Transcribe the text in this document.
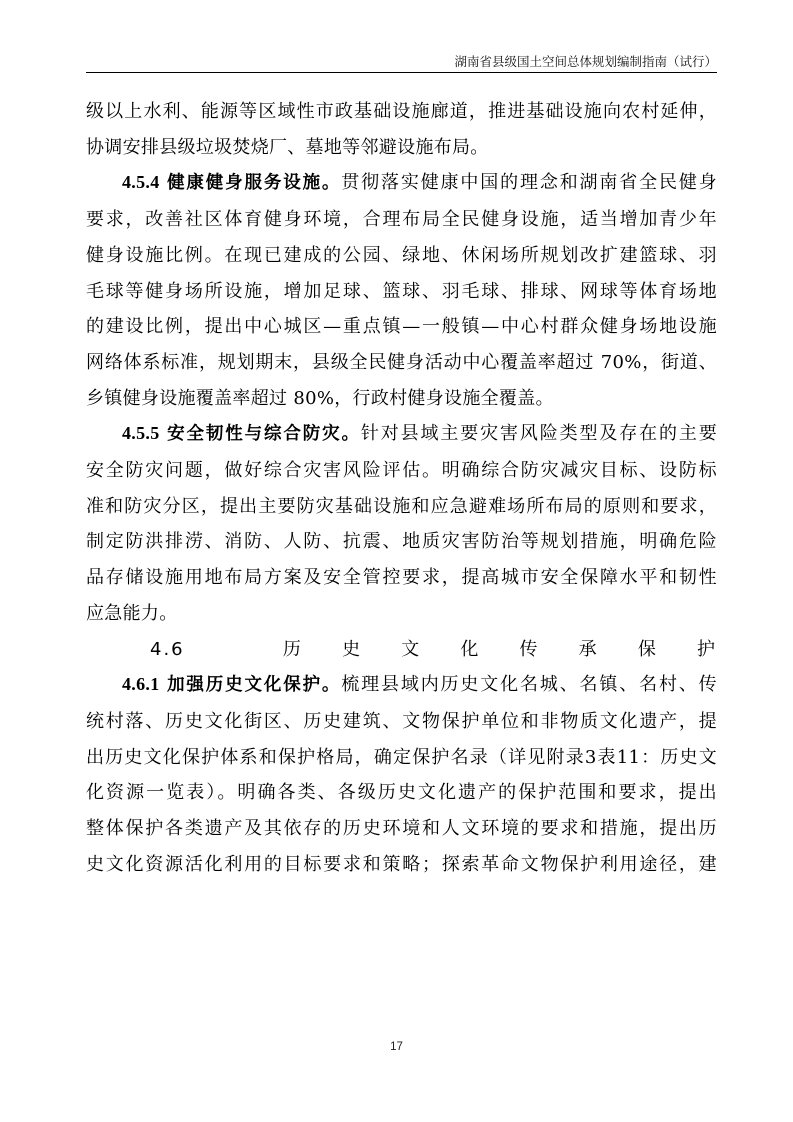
湖南省县级国土空间总体规划编制指南（试行）

级以上水利、能源等区域性市政基础设施廊道，推进基础设施向农村延伸，

协调安排县级垃圾焚烧厂、墓地等邻避设施布局。

4.5.4 健康健身服务设施。贯彻落实健康中国的理念和湖南省全民健身

要求，改善社区体育健身环境，合理布局全民健身设施，适当增加青少年

健身设施比例。在现已建成的公园、绿地、休闲场所规划改扩建篮球、羽

毛球等健身场所设施，增加足球、篮球、羽毛球、排球、网球等体育场地

的建设比例，提出中心城区—重点镇—一般镇—中心村群众健身场地设施

网络体系标准，规划期末，县级全民健身活动中心覆盖率超过 70%，街道、

乡镇健身设施覆盖率超过 80%，行政村健身设施全覆盖。

4.5.5 安全韧性与综合防灾。针对县域主要灾害风险类型及存在的主要

安全防灾问题，做好综合灾害风险评估。明确综合防灾减灾目标、设防标

准和防灾分区，提出主要防灾基础设施和应急避难场所布局的原则和要求，

制定防洪排涝、消防、人防、抗震、地质灾害防治等规划措施，明确危险

品存储设施用地布局方案及安全管控要求，提高城市安全保障水平和韧性

应急能力。

4.6　历史文化传承保护

4.6.1 加强历史文化保护。梳理县域内历史文化名城、名镇、名村、传

统村落、历史文化街区、历史建筑、文物保护单位和非物质文化遗产，提

出历史文化保护体系和保护格局，确定保护名录（详见附录3表11：历史文

化资源一览表）。明确各类、各级历史文化遗产的保护范围和要求，提出

整体保护各类遗产及其依存的历史环境和人文环境的要求和措施，提出历

史文化资源活化利用的目标要求和策略；探索革命文物保护利用途径，建

17
